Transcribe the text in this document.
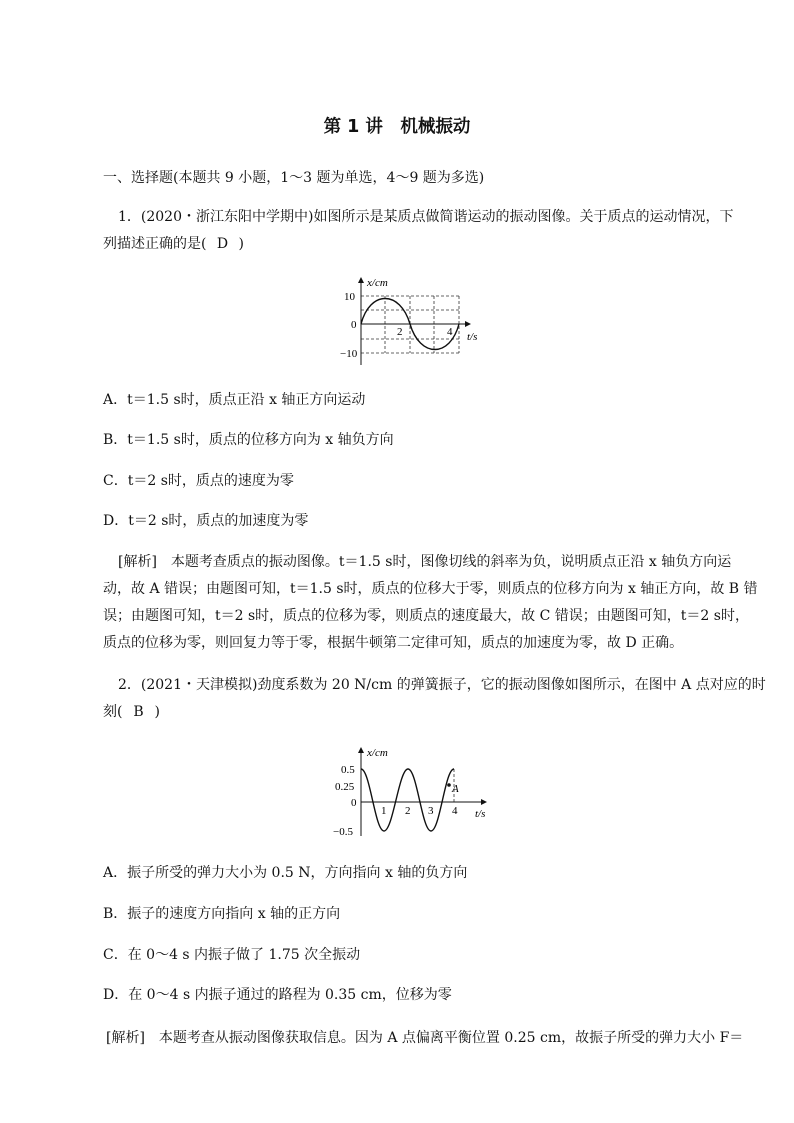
第 1 讲　机械振动
一、选择题(本题共 9 小题，1～3 题为单选，4～9 题为多选)
1．(2020・浙江东阳中学期中)如图所示是某质点做简谐运动的振动图像。关于质点的运动情况，下
列描述正确的是( D )
x/cm
10
0
−10
2	4 t/s
A．t＝1.5 s时，质点正沿 x 轴正方向运动
B．t＝1.5 s时，质点的位移方向为 x 轴负方向
C．t＝2 s时，质点的速度为零
D．t＝2 s时，质点的加速度为零
[解析]　本题考查质点的振动图像。t＝1.5 s时，图像切线的斜率为负，说明质点正沿 x 轴负方向运
动，故 A 错误；由题图可知，t＝1.5 s时，质点的位移大于零，则质点的位移方向为 x 轴正方向，故 B 错
误；由题图可知，t＝2 s时，质点的位移为零，则质点的速度最大，故 C 错误；由题图可知，t＝2 s时，
质点的位移为零，则回复力等于零，根据牛顿第二定律可知，质点的加速度为零，故 D 正确。
2．(2021・天津模拟)劲度系数为 20 N/cm 的弹簧振子，它的振动图像如图所示，在图中 A 点对应的时
刻( B )
x/cm
0.5
0.25
0
−0.5
1 2 3 4
A
t/s
A．振子所受的弹力大小为 0.5 N，方向指向 x 轴的负方向
B．振子的速度方向指向 x 轴的正方向
C．在 0～4 s 内振子做了 1.75 次全振动
D．在 0～4 s 内振子通过的路程为 0.35 cm，位移为零
[解析]　本题考查从振动图像获取信息。因为 A 点偏离平衡位置 0.25 cm，故振子所受的弹力大小 F＝
